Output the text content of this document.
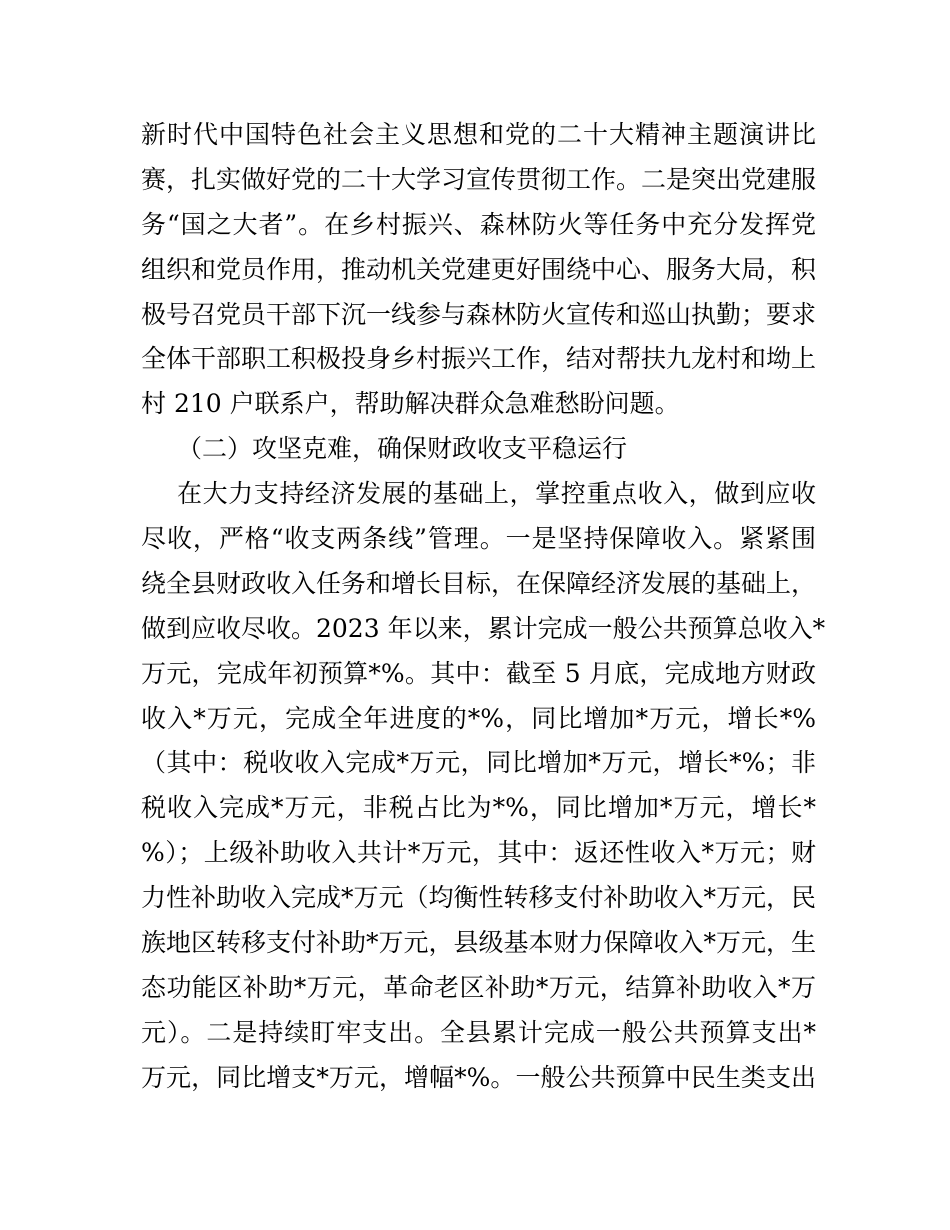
新时代中国特色社会主义思想和党的二十大精神主题演讲比
赛，扎实做好党的二十大学习宣传贯彻工作。二是突出党建服
务“国之大者”。在乡村振兴、森林防火等任务中充分发挥党
组织和党员作用，推动机关党建更好围绕中心、服务大局，积
极号召党员干部下沉一线参与森林防火宣传和巡山执勤；要求
全体干部职工积极投身乡村振兴工作，结对帮扶九龙村和坳上
村 210 户联系户，帮助解决群众急难愁盼问题。
（二）攻坚克难，确保财政收支平稳运行
在大力支持经济发展的基础上，掌控重点收入，做到应收
尽收，严格“收支两条线”管理。一是坚持保障收入。紧紧围
绕全县财政收入任务和增长目标，在保障经济发展的基础上，
做到应收尽收。2023 年以来，累计完成一般公共预算总收入*
万元，完成年初预算*%。其中：截至 5 月底，完成地方财政
收入*万元，完成全年进度的*%，同比增加*万元，增长*%
（其中：税收收入完成*万元，同比增加*万元，增长*%；非
税收入完成*万元，非税占比为*%，同比增加*万元，增长*
%）；上级补助收入共计*万元，其中：返还性收入*万元；财
力性补助收入完成*万元（均衡性转移支付补助收入*万元，民
族地区转移支付补助*万元，县级基本财力保障收入*万元，生
态功能区补助*万元，革命老区补助*万元，结算补助收入*万
元）。二是持续盯牢支出。全县累计完成一般公共预算支出*
万元，同比增支*万元，增幅*%。一般公共预算中民生类支出
